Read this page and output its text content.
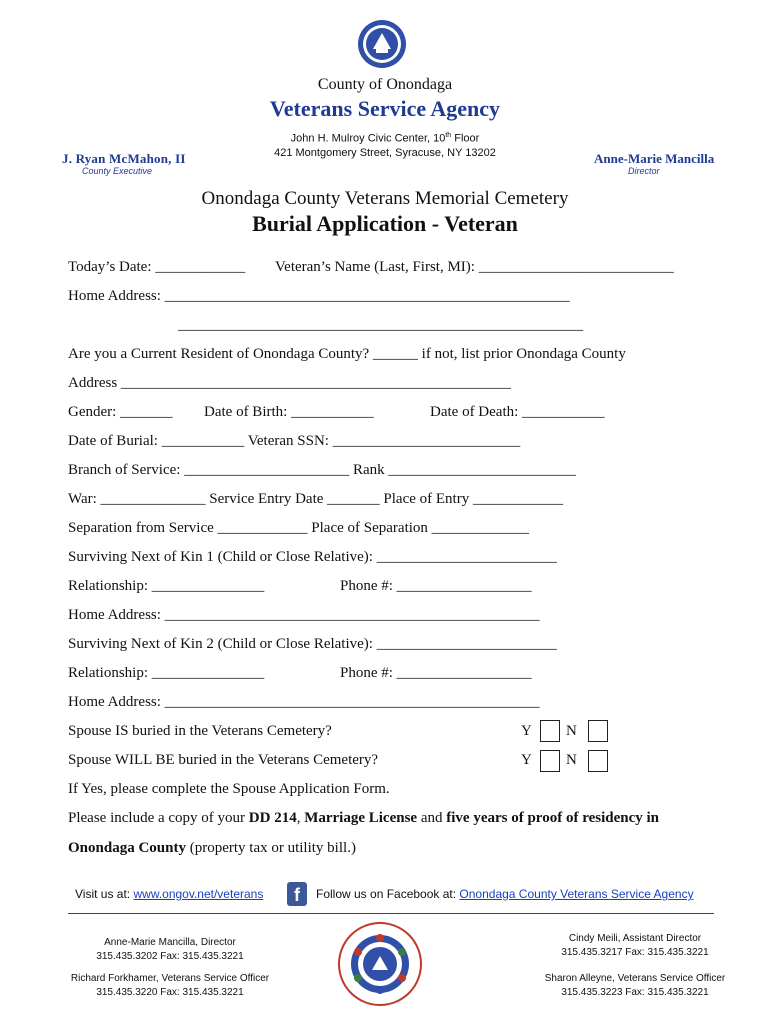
County of Onondaga
Veterans Service Agency
John H. Mulroy Civic Center, 10th Floor
421 Montgomery Street, Syracuse, NY 13202
J. Ryan McMahon, II
County Executive
Anne-Marie Mancilla
Director
Onondaga County Veterans Memorial Cemetery
Burial Application - Veteran
Today’s Date: ____________ Veteran’s Name (Last, First, MI): __________________________
Home Address: ______________________________________________________
______________________________________________________
Are you a Current Resident of Onondaga County? ______ if not, list prior Onondaga County
Address ____________________________________________________
Gender: _______ Date of Birth: ___________	Date of Death: ___________
Date of Burial: ___________ Veteran SSN: _________________________
Branch of Service: ______________________ Rank _________________________
War: ______________ Service Entry Date _______ Place of Entry ____________
Separation from Service ____________ Place of Separation _____________
Surviving Next of Kin 1 (Child or Close Relative): ________________________
Relationship: _______________	Phone #: __________________
Home Address: __________________________________________________
Surviving Next of Kin 2 (Child or Close Relative): ________________________
Relationship: _______________	Phone #: __________________
Home Address: __________________________________________________
Spouse IS buried in the Veterans Cemetery?	Y N
Spouse WILL BE buried in the Veterans Cemetery?	Y N
If Yes, please complete the Spouse Application Form.
Please include a copy of your DD 214, Marriage License and five years of proof of residency in
Onondaga County (property tax or utility bill.)
Visit us at: www.ongov.net/veterans	f	Follow us on Facebook at: Onondaga County Veterans Service Agency
Anne-Marie Mancilla, Director
315.435.3202 Fax: 315.435.3221
Richard Forkhamer, Veterans Service Officer
315.435.3220 Fax: 315.435.3221
Cindy Meili, Assistant Director
315.435.3217 Fax: 315.435.3221
Sharon Alleyne, Veterans Service Officer
315.435.3223 Fax: 315.435.3221
